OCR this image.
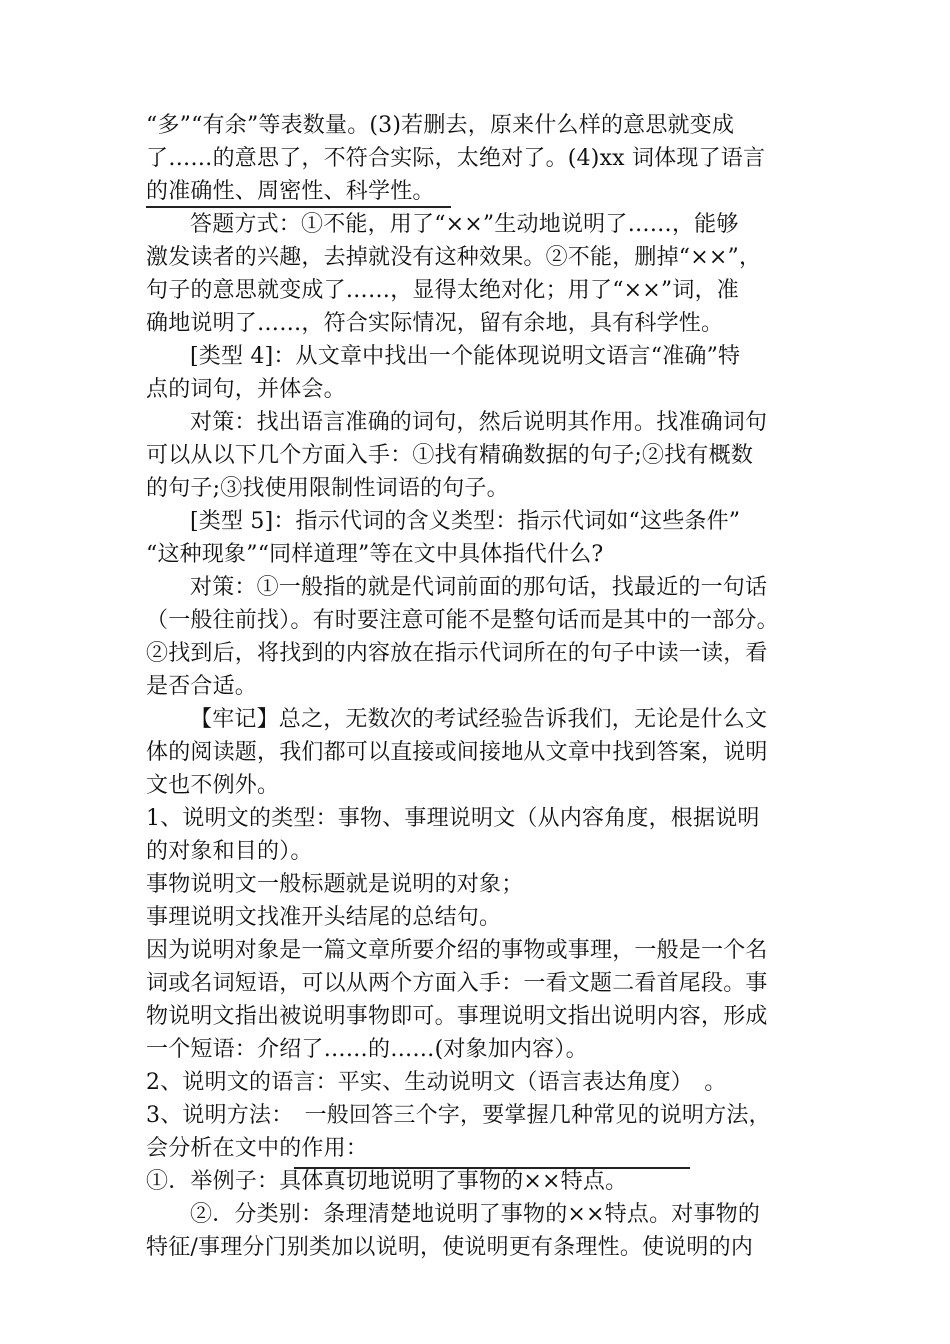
“多”“有余”等表数量。(3)若删去，原来什么样的意思就变成
了……的意思了，不符合实际，太绝对了。(4)xx 词体现了语言
的准确性、周密性、科学性。
答题方式：①不能，用了“××”生动地说明了……，能够
激发读者的兴趣，去掉就没有这种效果。②不能，删掉“××”，
句子的意思就变成了……，显得太绝对化；用了“××”词，准
确地说明了……，符合实际情况，留有余地，具有科学性。
[类型 4]：从文章中找出一个能体现说明文语言“准确”特
点的词句，并体会。
对策：找出语言准确的词句，然后说明其作用。找准确词句
可以从以下几个方面入手：①找有精确数据的句子;②找有概数
的句子;③找使用限制性词语的句子。
[类型 5]：指示代词的含义类型：指示代词如“这些条件”
“这种现象”“同样道理”等在文中具体指代什么?
对策：①一般指的就是代词前面的那句话，找最近的一句话
（一般往前找）。有时要注意可能不是整句话而是其中的一部分。
②找到后，将找到的内容放在指示代词所在的句子中读一读，看
是否合适。
【牢记】总之，无数次的考试经验告诉我们，无论是什么文
体的阅读题，我们都可以直接或间接地从文章中找到答案，说明
文也不例外。
1、说明文的类型：事物、事理说明文（从内容角度，根据说明
的对象和目的）。
事物说明文一般标题就是说明的对象；
事理说明文找准开头结尾的总结句。
因为说明对象是一篇文章所要介绍的事物或事理，一般是一个名
词或名词短语，可以从两个方面入手：一看文题二看首尾段。事
物说明文指出被说明事物即可。事理说明文指出说明内容，形成
一个短语：介绍了……的……(对象加内容）。
2、说明文的语言：平实、生动说明文（语言表达角度）　。
3、说明方法：　一般回答三个字，要掌握几种常见的说明方法，
会分析在文中的作用：
①．举例子：具体真切地说明了事物的××特点。
②．分类别：条理清楚地说明了事物的××特点。对事物的
特征/事理分门别类加以说明，使说明更有条理性。使说明的内
